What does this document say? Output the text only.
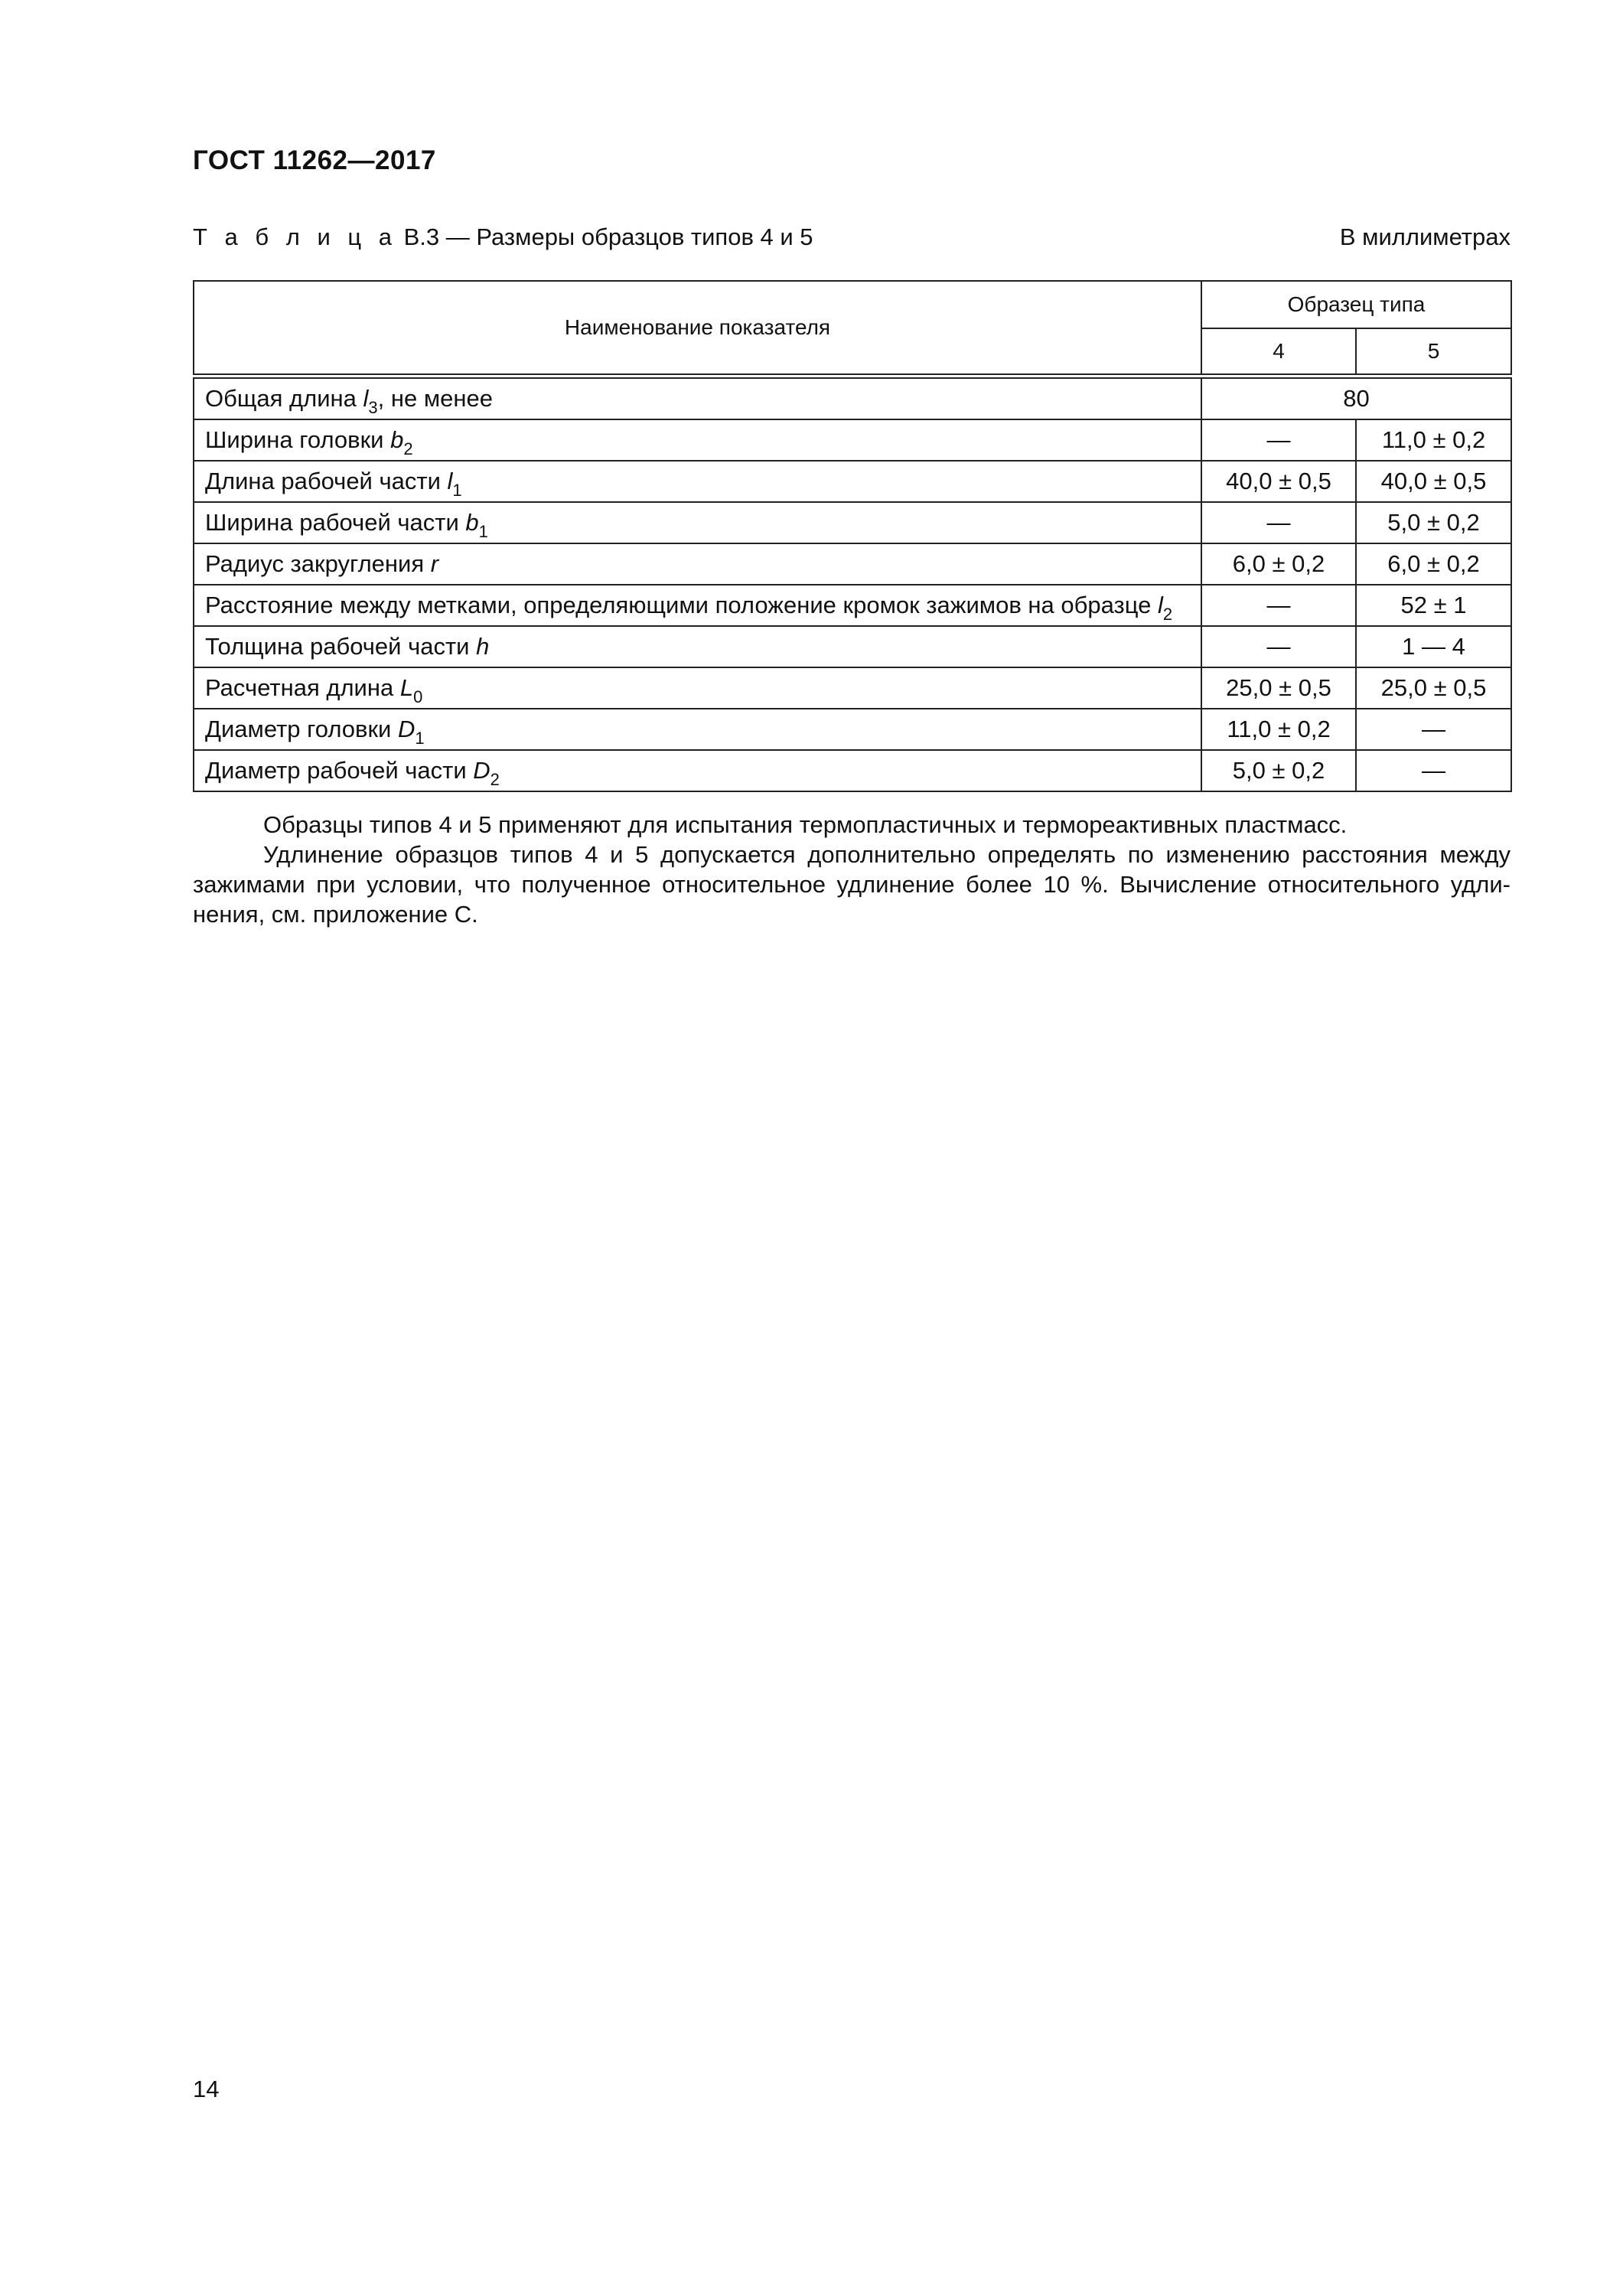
ГОСТ 11262—2017
Т а б л и ц а В.3 — Размеры образцов типов 4 и 5	В миллиметрах
Наименование показателя	Образец типа	
	4	5
Общая длина $l_3$, не менее	80	
Ширина головки $b_2$	—	11,0 ± 0,2
Длина рабочей части $l_1$	40,0 ± 0,5	40,0 ± 0,5
Ширина рабочей части $b_1$	—	5,0 ± 0,2
Радиус закругления r	6,0 ± 0,2	6,0 ± 0,2
Расстояние между метками, определяющими положение кромок зажимов на образце $l_2$	—	52 ± 1
Толщина рабочей части h	—	1 — 4
Расчетная длина $L_0$	25,0 ± 0,5	25,0 ± 0,5
Диаметр головки $D_1$	11,0 ± 0,2	—
Диаметр рабочей части $D_2$	5,0 ± 0,2	—

Образцы типов 4 и 5 применяют для испытания термопластичных и термореактивных пластмасс.

Удлинение образцов типов 4 и 5 допускается дополнительно определять по изменению расстояния между зажимами при условии, что полученное относительное удлинение более 10 %. Вычисление относительного удли-нения, см. приложение С.

14
